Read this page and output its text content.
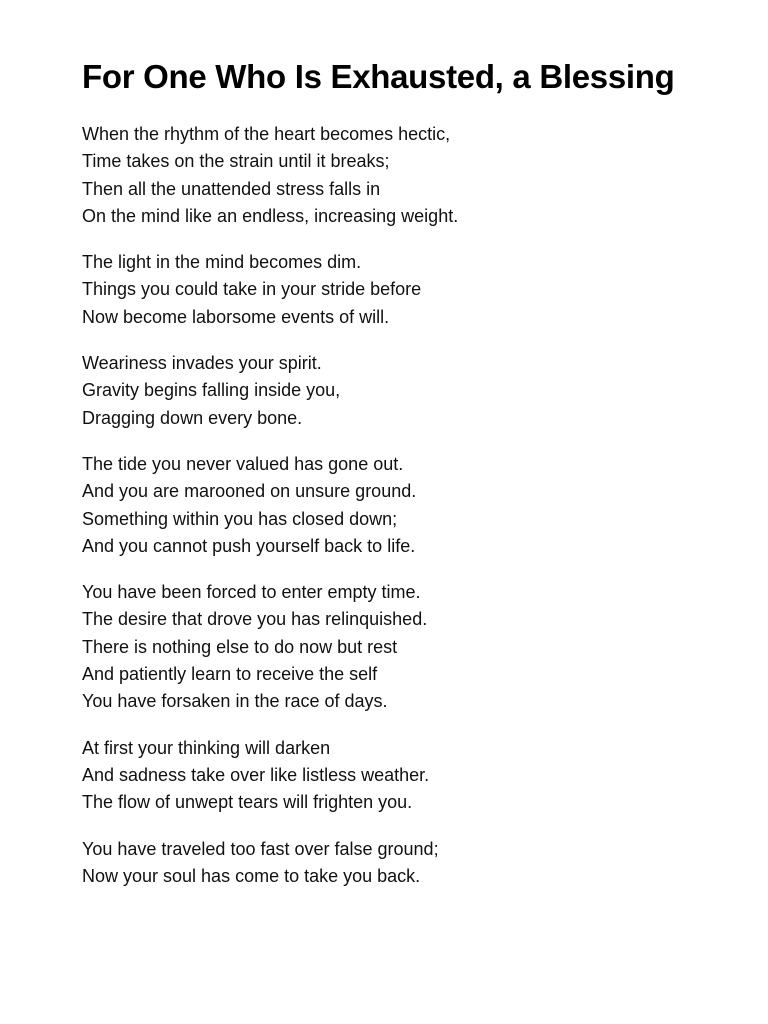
For One Who Is Exhausted, a Blessing

When the rhythm of the heart becomes hectic,
Time takes on the strain until it breaks;
Then all the unattended stress falls in
On the mind like an endless, increasing weight.

The light in the mind becomes dim.
Things you could take in your stride before
Now become laborsome events of will.

Weariness invades your spirit.
Gravity begins falling inside you,
Dragging down every bone.

The tide you never valued has gone out.
And you are marooned on unsure ground.
Something within you has closed down;
And you cannot push yourself back to life.

You have been forced to enter empty time.
The desire that drove you has relinquished.
There is nothing else to do now but rest
And patiently learn to receive the self
You have forsaken in the race of days.

At first your thinking will darken
And sadness take over like listless weather.
The flow of unwept tears will frighten you.

You have traveled too fast over false ground;
Now your soul has come to take you back.
